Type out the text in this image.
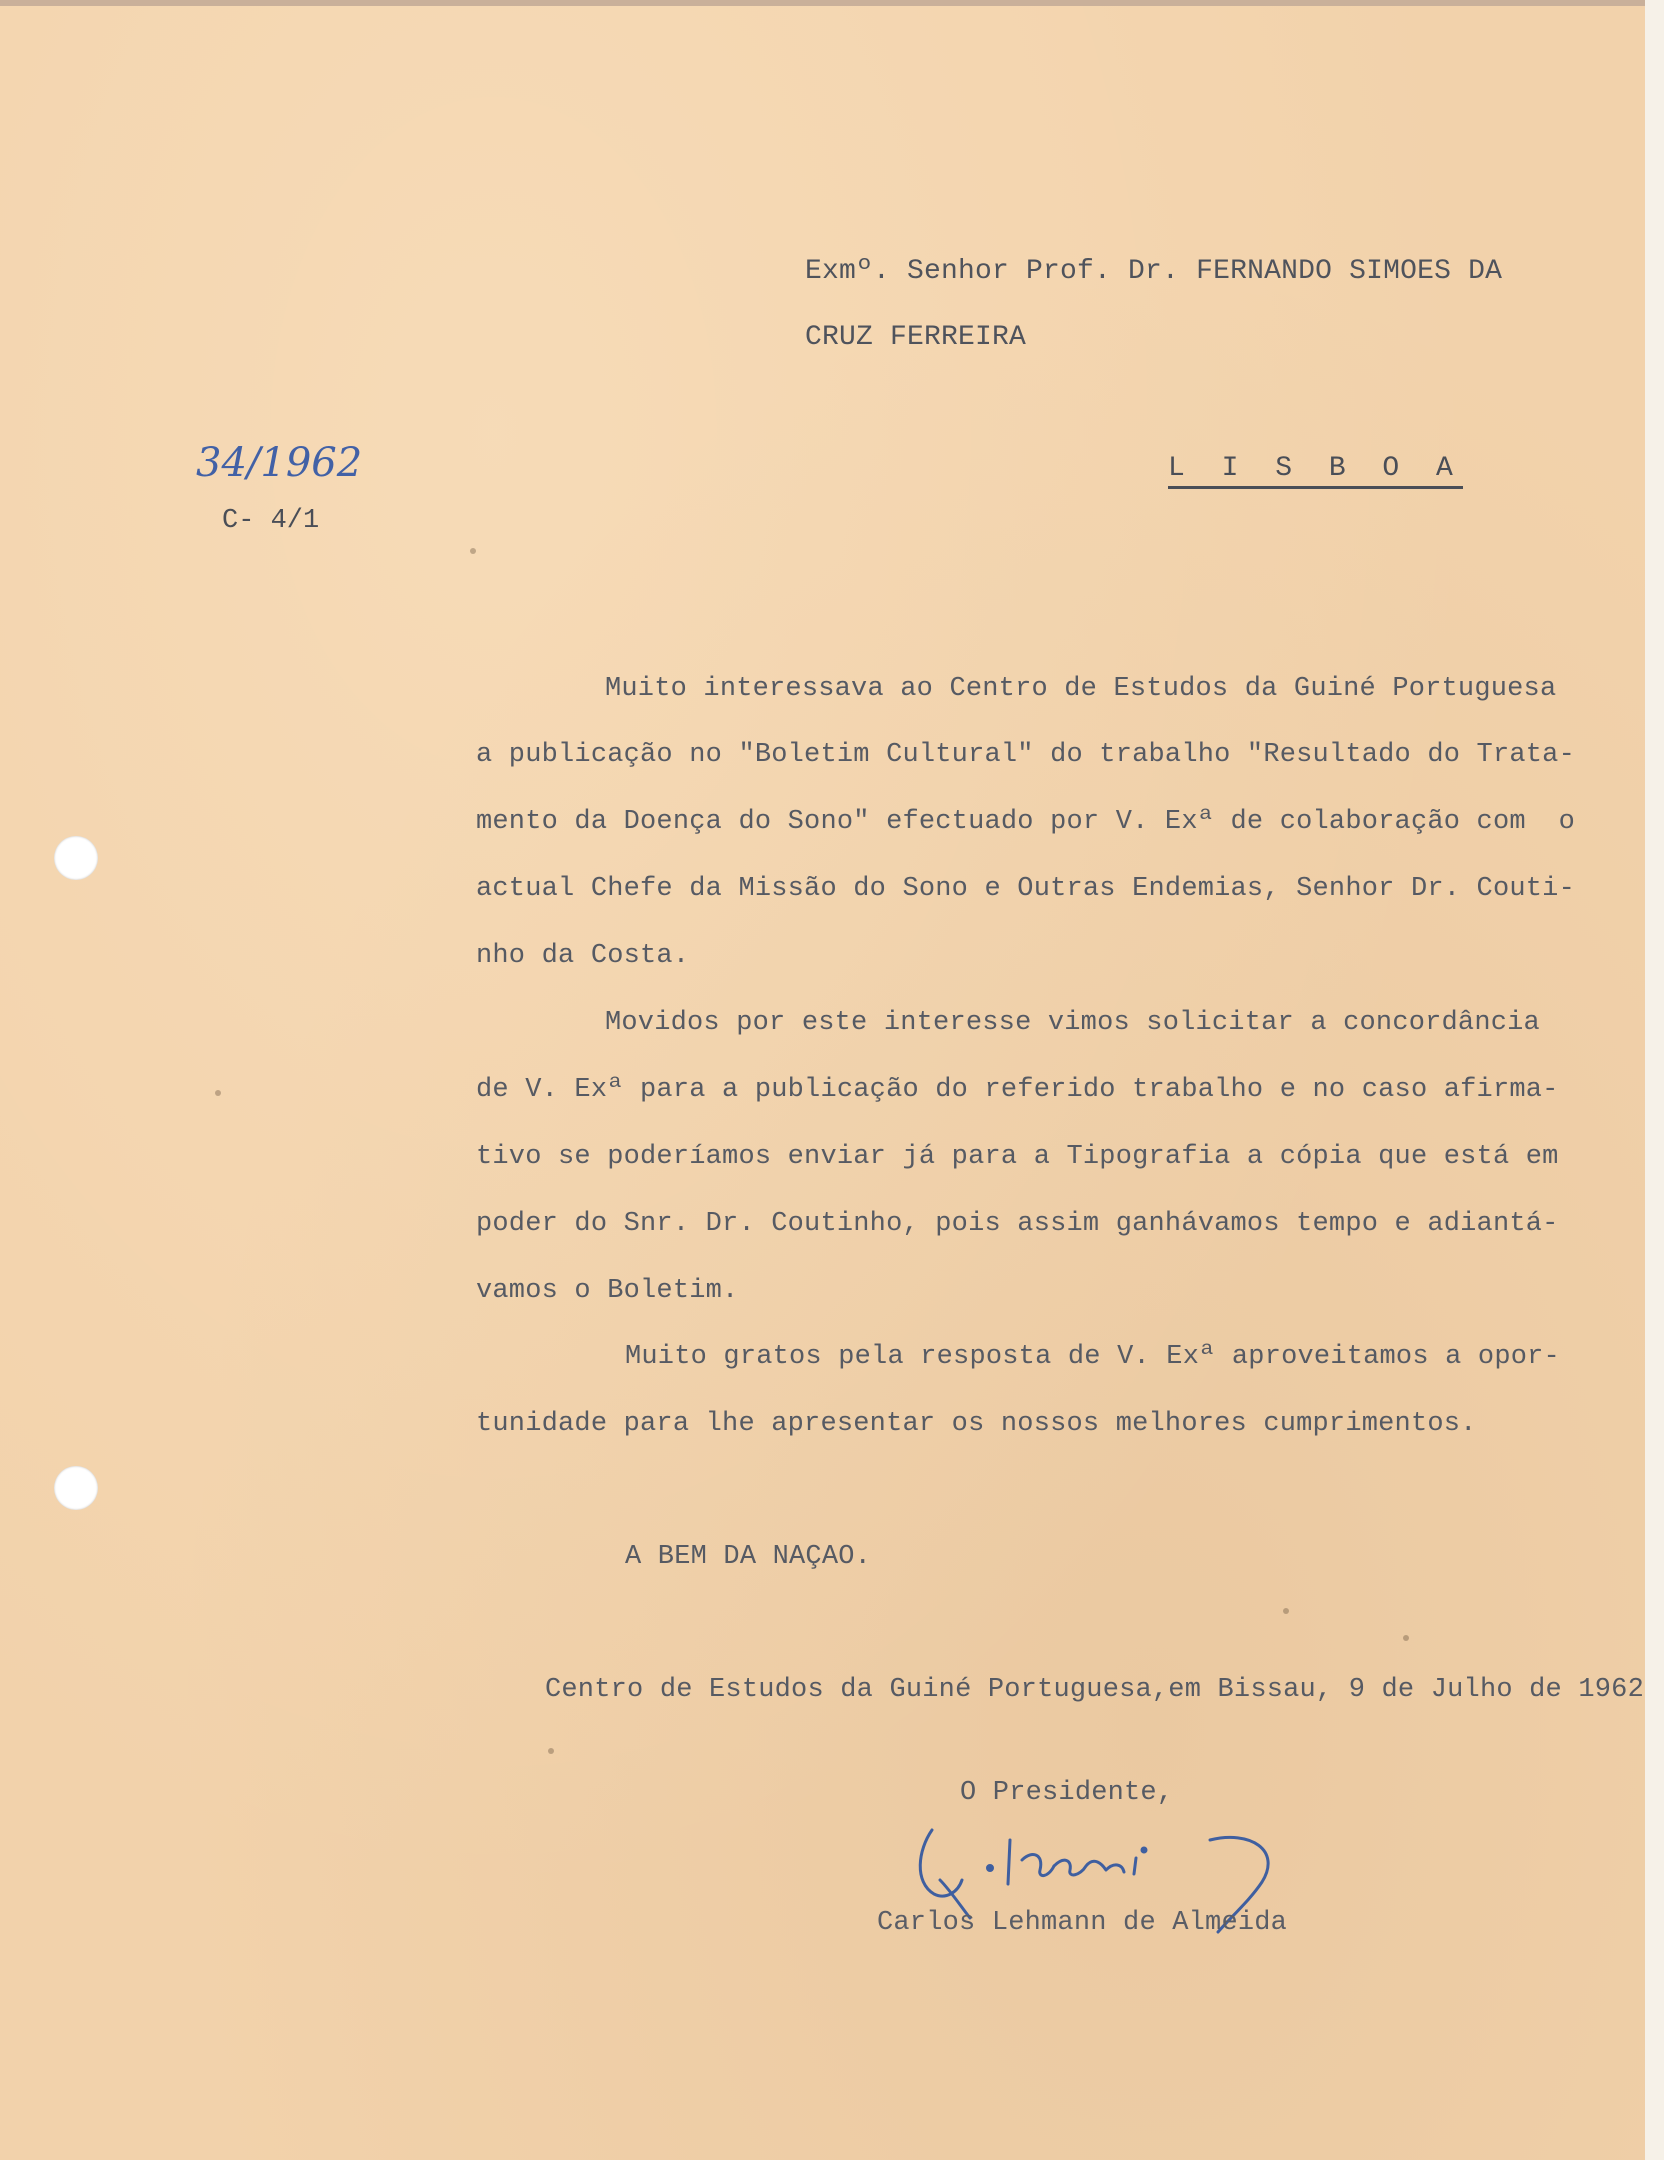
Exmº. Senhor Prof. Dr. FERNANDO SIMOES DA
CRUZ FERREIRA
L I S B O A
34/1962
C- 4/1
Muito interessava ao Centro de Estudos da Guiné Portuguesa
a publicação no "Boletim Cultural" do trabalho "Resultado do Trata-
mento da Doença do Sono" efectuado por V. Exª de colaboração com  o
actual Chefe da Missão do Sono e Outras Endemias, Senhor Dr. Couti-
nho da Costa.
Movidos por este interesse vimos solicitar a concordância
de V. Exª para a publicação do referido trabalho e no caso afirma-
tivo se poderíamos enviar já para a Tipografia a cópia que está em
poder do Snr. Dr. Coutinho, pois assim ganhávamos tempo e adiantá-
vamos o Boletim.
Muito gratos pela resposta de V. Exª aproveitamos a opor-
tunidade para lhe apresentar os nossos melhores cumprimentos.
A BEM DA NAÇAO.
Centro de Estudos da Guiné Portuguesa,em Bissau, 9 de Julho de 1962
O Presidente,
Carlos Lehmann de Almeida
